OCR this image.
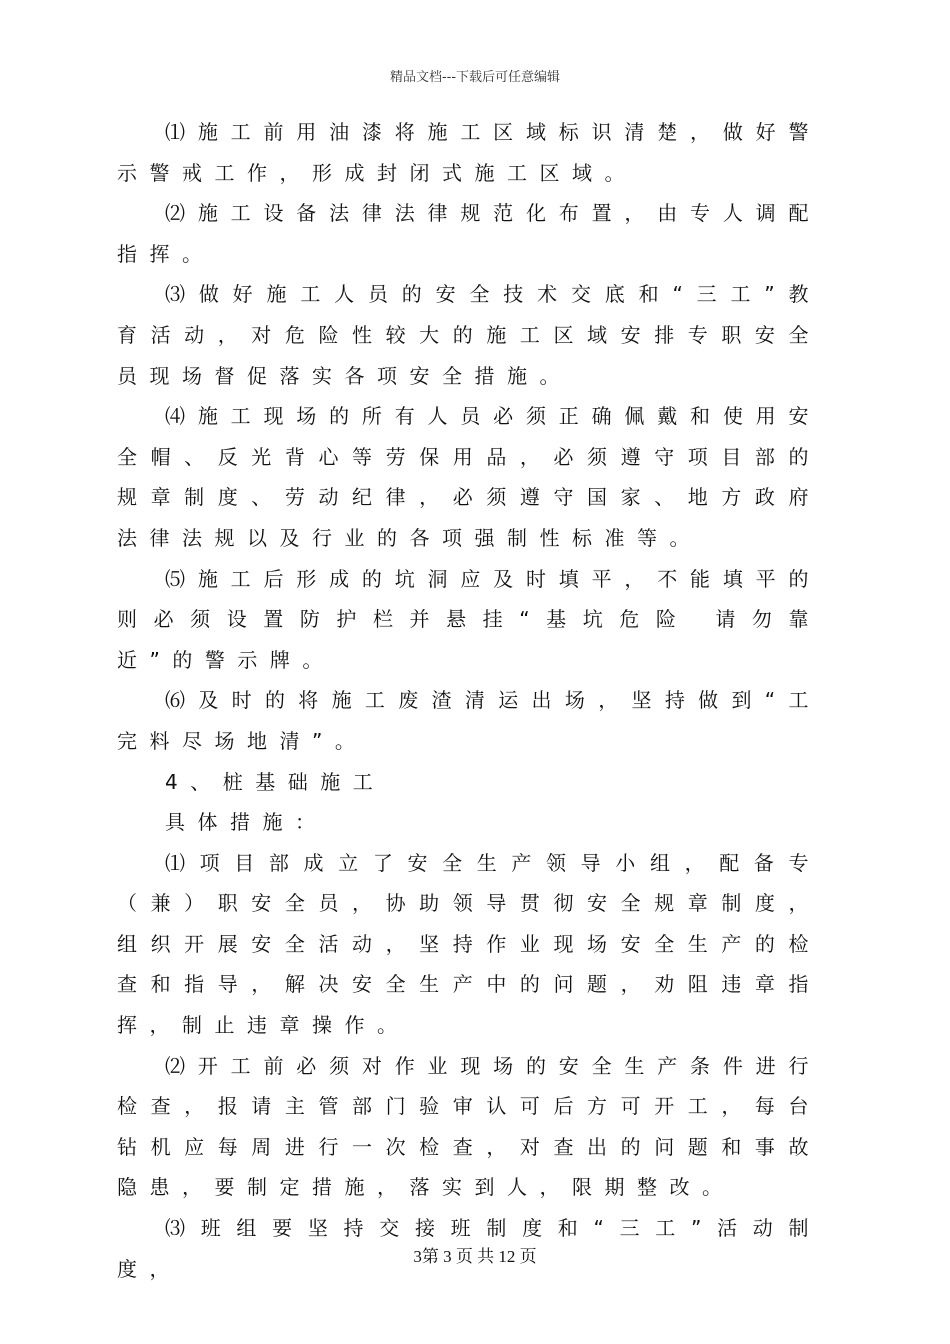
精品文档---下载后可任意编辑

⑴施工前用油漆将施工区域标识清楚，做好警示警戒工作，形成封闭式施工区域。

⑵施工设备法律法律规范化布置，由专人调配指挥。

⑶做好施工人员的安全技术交底和“三工”教育活动，对危险性较大的施工区域安排专职安全员现场督促落实各项安全措施。

⑷施工现场的所有人员必须正确佩戴和使用安全帽、反光背心等劳保用品，必须遵守项目部的规章制度、劳动纪律，必须遵守国家、地方政府法律法规以及行业的各项强制性标准等。

⑸施工后形成的坑洞应及时填平，不能填平的则必须设置防护栏并悬挂“基坑危险 请勿靠近”的警示牌。

⑹及时的将施工废渣清运出场，坚持做到“工完料尽场地清”。

4、桩基础施工

具体措施：

⑴项目部成立了安全生产领导小组，配备专（兼）职安全员，协助领导贯彻安全规章制度，组织开展安全活动，坚持作业现场安全生产的检查和指导，解决安全生产中的问题，劝阻违章指挥，制止违章操作。

⑵开工前必须对作业现场的安全生产条件进行检查，报请主管部门验审认可后方可开工，每台钻机应每周进行一次检查，对查出的问题和事故隐患，要制定措施，落实到人，限期整改。

⑶班组要坚持交接班制度和“三工”活动制度，

3第 3 页 共 12 页
